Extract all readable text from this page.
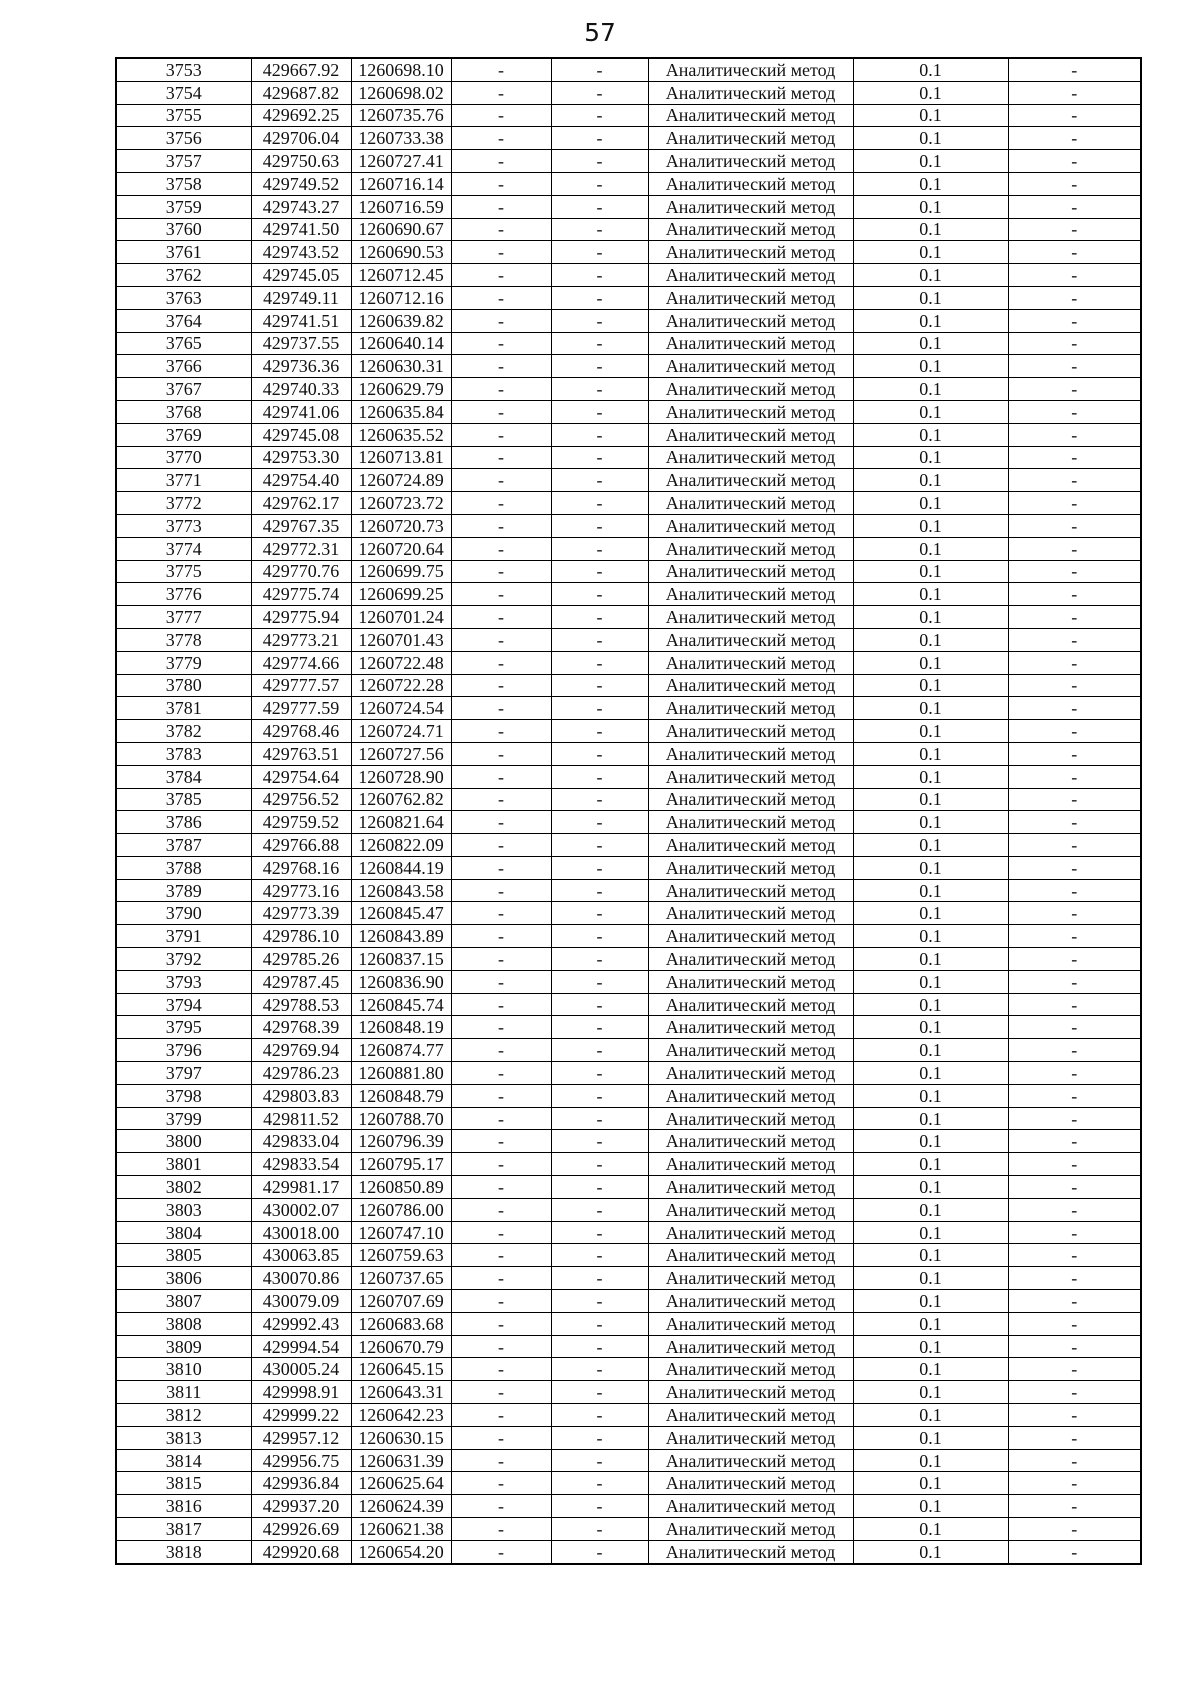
57
3753	429667.92	1260698.10	-	-	Аналитический метод	0.1	-
3754	429687.82	1260698.02	-	-	Аналитический метод	0.1	-
3755	429692.25	1260735.76	-	-	Аналитический метод	0.1	-
3756	429706.04	1260733.38	-	-	Аналитический метод	0.1	-
3757	429750.63	1260727.41	-	-	Аналитический метод	0.1	-
3758	429749.52	1260716.14	-	-	Аналитический метод	0.1	-
3759	429743.27	1260716.59	-	-	Аналитический метод	0.1	-
3760	429741.50	1260690.67	-	-	Аналитический метод	0.1	-
3761	429743.52	1260690.53	-	-	Аналитический метод	0.1	-
3762	429745.05	1260712.45	-	-	Аналитический метод	0.1	-
3763	429749.11	1260712.16	-	-	Аналитический метод	0.1	-
3764	429741.51	1260639.82	-	-	Аналитический метод	0.1	-
3765	429737.55	1260640.14	-	-	Аналитический метод	0.1	-
3766	429736.36	1260630.31	-	-	Аналитический метод	0.1	-
3767	429740.33	1260629.79	-	-	Аналитический метод	0.1	-
3768	429741.06	1260635.84	-	-	Аналитический метод	0.1	-
3769	429745.08	1260635.52	-	-	Аналитический метод	0.1	-
3770	429753.30	1260713.81	-	-	Аналитический метод	0.1	-
3771	429754.40	1260724.89	-	-	Аналитический метод	0.1	-
3772	429762.17	1260723.72	-	-	Аналитический метод	0.1	-
3773	429767.35	1260720.73	-	-	Аналитический метод	0.1	-
3774	429772.31	1260720.64	-	-	Аналитический метод	0.1	-
3775	429770.76	1260699.75	-	-	Аналитический метод	0.1	-
3776	429775.74	1260699.25	-	-	Аналитический метод	0.1	-
3777	429775.94	1260701.24	-	-	Аналитический метод	0.1	-
3778	429773.21	1260701.43	-	-	Аналитический метод	0.1	-
3779	429774.66	1260722.48	-	-	Аналитический метод	0.1	-
3780	429777.57	1260722.28	-	-	Аналитический метод	0.1	-
3781	429777.59	1260724.54	-	-	Аналитический метод	0.1	-
3782	429768.46	1260724.71	-	-	Аналитический метод	0.1	-
3783	429763.51	1260727.56	-	-	Аналитический метод	0.1	-
3784	429754.64	1260728.90	-	-	Аналитический метод	0.1	-
3785	429756.52	1260762.82	-	-	Аналитический метод	0.1	-
3786	429759.52	1260821.64	-	-	Аналитический метод	0.1	-
3787	429766.88	1260822.09	-	-	Аналитический метод	0.1	-
3788	429768.16	1260844.19	-	-	Аналитический метод	0.1	-
3789	429773.16	1260843.58	-	-	Аналитический метод	0.1	-
3790	429773.39	1260845.47	-	-	Аналитический метод	0.1	-
3791	429786.10	1260843.89	-	-	Аналитический метод	0.1	-
3792	429785.26	1260837.15	-	-	Аналитический метод	0.1	-
3793	429787.45	1260836.90	-	-	Аналитический метод	0.1	-
3794	429788.53	1260845.74	-	-	Аналитический метод	0.1	-
3795	429768.39	1260848.19	-	-	Аналитический метод	0.1	-
3796	429769.94	1260874.77	-	-	Аналитический метод	0.1	-
3797	429786.23	1260881.80	-	-	Аналитический метод	0.1	-
3798	429803.83	1260848.79	-	-	Аналитический метод	0.1	-
3799	429811.52	1260788.70	-	-	Аналитический метод	0.1	-
3800	429833.04	1260796.39	-	-	Аналитический метод	0.1	-
3801	429833.54	1260795.17	-	-	Аналитический метод	0.1	-
3802	429981.17	1260850.89	-	-	Аналитический метод	0.1	-
3803	430002.07	1260786.00	-	-	Аналитический метод	0.1	-
3804	430018.00	1260747.10	-	-	Аналитический метод	0.1	-
3805	430063.85	1260759.63	-	-	Аналитический метод	0.1	-
3806	430070.86	1260737.65	-	-	Аналитический метод	0.1	-
3807	430079.09	1260707.69	-	-	Аналитический метод	0.1	-
3808	429992.43	1260683.68	-	-	Аналитический метод	0.1	-
3809	429994.54	1260670.79	-	-	Аналитический метод	0.1	-
3810	430005.24	1260645.15	-	-	Аналитический метод	0.1	-
3811	429998.91	1260643.31	-	-	Аналитический метод	0.1	-
3812	429999.22	1260642.23	-	-	Аналитический метод	0.1	-
3813	429957.12	1260630.15	-	-	Аналитический метод	0.1	-
3814	429956.75	1260631.39	-	-	Аналитический метод	0.1	-
3815	429936.84	1260625.64	-	-	Аналитический метод	0.1	-
3816	429937.20	1260624.39	-	-	Аналитический метод	0.1	-
3817	429926.69	1260621.38	-	-	Аналитический метод	0.1	-
3818	429920.68	1260654.20	-	-	Аналитический метод	0.1	-
